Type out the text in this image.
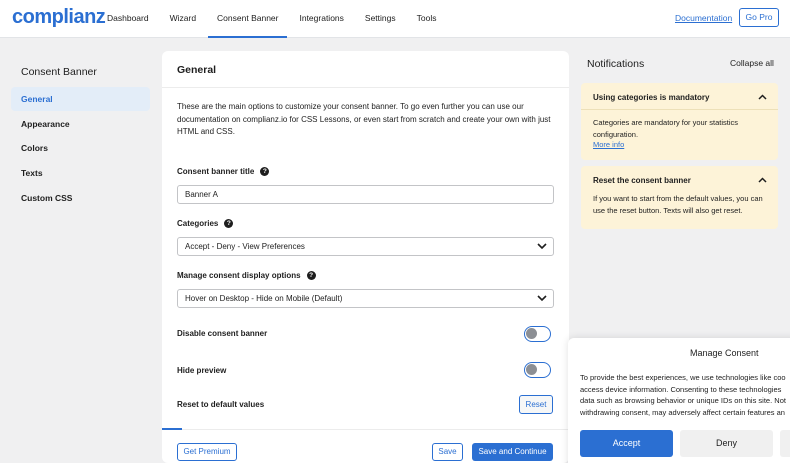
complianz Dashboard	Wizard	Consent Banner	Integrations	Settings	Tools	Documentation	Go Pro
Consent Banner
General
Appearance
Colors
Texts
Custom CSS
General
These are the main options to customize your consent banner. To go even further you can use our documentation on complianz.io for CSS Lessons, or even start from scratch and create your own with just HTML and CSS.
Consent banner title ?
Banner A
Categories ?
Accept - Deny - View Preferences
Manage consent display options ?
Hover on Desktop - Hide on Mobile (Default)
Disable consent banner
Hide preview
Reset to default values	Reset
Get Premium	Save	Save and Continue
Notifications	Collapse all
Using categories is mandatory
Categories are mandatory for your statistics configuration.
More info
Reset the consent banner
If you want to start from the default values, you can use the reset button. Texts will also get reset.
Manage Consent
To provide the best experiences, we use technologies like coo
access device information. Consenting to these technologies
data such as browsing behavior or unique IDs on this site. Not
withdrawing consent, may adversely affect certain features an
Accept	Deny
